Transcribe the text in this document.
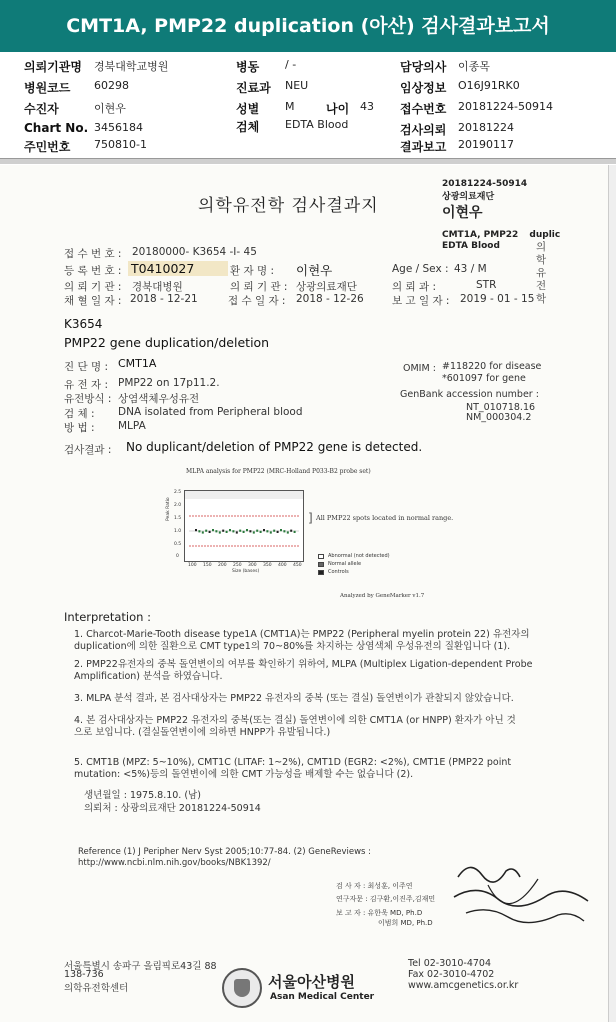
CMT1A, PMP22 duplication (아산) 검사결과보고서
의뢰기관명 경북대학교병원	병동 / -	담당의사 이종목
병원코드 60298	진료과 NEU	임상정보 O16J91RK0
수진자	이현우	성별 M	나이 43 접수번호 20181224-50914
Chart No. 3456184	검체 EDTA Blood	검사의뢰 20181224
주민번호 750810-1	결과보고 20190117
의학유전학 검사결과지
20181224-50914
상광의료재단
이현우
CMT1A, PMP22 duplic
EDTA Blood	의
학
유
전
학
접 수 번 호 : 20180000- K3654 -I- 45
등 록 번 호 : T0410027	환 자 명 : 이현우	Age / Sex : 43 / M
의 뢰 기 관 : 경북대병원	의 뢰 기 관 : 상광의료재단	의 뢰 과 :	STR
채 혈 일 자 : 2018 - 12-21	접 수 일 자 : 2018 - 12-26	보 고 일 자 : 2019 - 01 - 15
K3654
PMP22 gene duplication/deletion
진 단 명 : CMT1A
유 전 자 : PMP22 on 17p11.2.
유전방식 : 상염색체우성유전
검 체 : DNA isolated from Peripheral blood
방 법 : MLPA
OMIM : #118220 for disease
*601097 for gene
GenBank accession number :
NT_010718.16
NM_000304.2
검사결과 : No duplicant/deletion of PMP22 gene is detected.
MLPA analysis for PMP22 (MRC-Holland P033-B2 probe set)
2.5
2.0
1.5
1.0
0.5
0
Peak Ratio
100 150 200 250 300 350 400 450
Size (bases)
] All PMP22 spots located in normal range.
Abnormal (not detected)
Normal allele
Controls
Analyzed by GeneMarker v1.7
Interpretation :
1. Charcot-Marie-Tooth disease type1A (CMT1A)는 PMP22 (Peripheral myelin protein 22) 유전자의 duplication에 의한 질환으로 CMT type1의 70~80%를 차지하는 상염색체 우성유전의 질환입니다 (1).
2. PMP22유전자의 중복 돌연변이의 여부를 확인하기 위하여, MLPA (Multiplex Ligation-dependent Probe Amplification) 분석을 하였습니다.
3. MLPA 분석 결과, 본 검사대상자는 PMP22 유전자의 중복 (또는 결실) 돌연변이가 관찰되지 않았습니다.
4. 본 검사대상자는 PMP22 유전자의 중복(또는 결실) 돌연변이에 의한 CMT1A (or HNPP) 환자가 아닌 것으로 보입니다. (결실돌연변이에 의하면 HNPP가 유발됩니다.)
5. CMT1B (MPZ: 5~10%), CMT1C (LITAF: 1~2%), CMT1D (EGR2: <2%), CMT1E (PMP22 point mutation: <5%)등의 돌연변이에 의한 CMT 가능성을 배제할 수는 없습니다 (2).
생년월일 : 1975.8.10. (남)
의뢰처 : 상광의료재단 20181224-50914
Reference (1) J Peripher Nerv Syst 2005;10:77-84. (2) GeneReviews : http://www.ncbi.nlm.nih.gov/books/NBK1392/
검 사 자 : 최성훈, 이주연
연구자문 : 김구환,이진주,김재민
보 고 자 : 유한욱 MD, Ph.D
이범희 MD, Ph.D
서울특별시 송파구 올림픽로43길 88
138-736
의학유전학센터	서울아산병원
Asan Medical Center
Tel 02-3010-4704
Fax 02-3010-4702
www.amcgenetics.or.kr
